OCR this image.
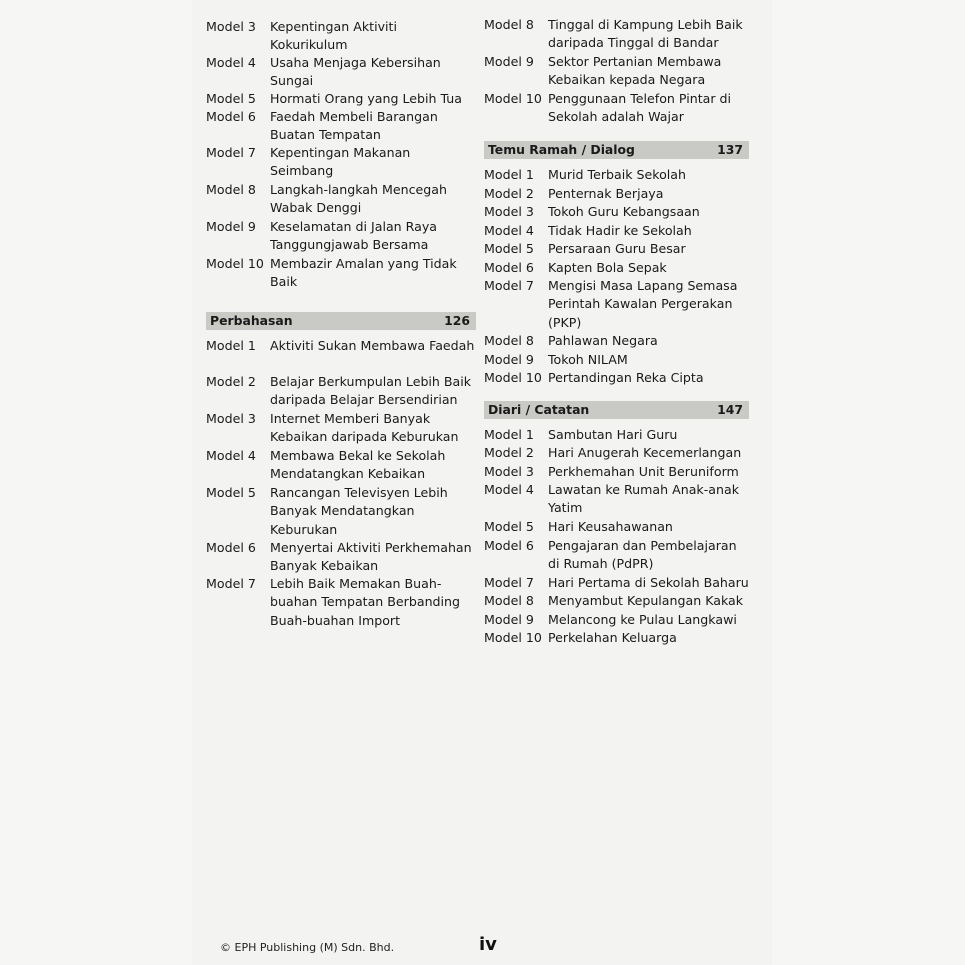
Model 3	Kepentingan Aktiviti Kokurikulum
Model 4	Usaha Menjaga Kebersihan Sungai
Model 5	Hormati Orang yang Lebih Tua
Model 6	Faedah Membeli Barangan Buatan Tempatan
Model 7	Kepentingan Makanan Seimbang
Model 8	Langkah-langkah Mencegah Wabak Denggi
Model 9	Keselamatan di Jalan Raya Tanggungjawab Bersama
Model 10 Membazir Amalan yang Tidak Baik
Perbahasan	126
Model 1	Aktiviti Sukan Membawa Faedah
Model 2	Belajar Berkumpulan Lebih Baik daripada Belajar Bersendirian
Model 3	Internet Memberi Banyak Kebaikan daripada Keburukan
Model 4	Membawa Bekal ke Sekolah Mendatangkan Kebaikan
Model 5	Rancangan Televisyen Lebih Banyak Mendatangkan Keburukan
Model 6	Menyertai Aktiviti Perkhemahan Banyak Kebaikan
Model 7	Lebih Baik Memakan Buah-buahan Tempatan Berbanding Buah-buahan Import
Model 8	Tinggal di Kampung Lebih Baik daripada Tinggal di Bandar
Model 9	Sektor Pertanian Membawa Kebaikan kepada Negara
Model 10 Penggunaan Telefon Pintar di Sekolah adalah Wajar
Temu Ramah / Dialog	137
Model 1	Murid Terbaik Sekolah
Model 2	Penternak Berjaya
Model 3	Tokoh Guru Kebangsaan
Model 4	Tidak Hadir ke Sekolah
Model 5	Persaraan Guru Besar
Model 6	Kapten Bola Sepak
Model 7	Mengisi Masa Lapang Semasa Perintah Kawalan Pergerakan (PKP)
Model 8	Pahlawan Negara
Model 9	Tokoh NILAM
Model 10 Pertandingan Reka Cipta
Diari / Catatan	147
Model 1	Sambutan Hari Guru
Model 2	Hari Anugerah Kecemerlangan
Model 3	Perkhemahan Unit Beruniform
Model 4	Lawatan ke Rumah Anak-anak Yatim
Model 5	Hari Keusahawanan
Model 6	Pengajaran dan Pembelajaran di Rumah (PdPR)
Model 7	Hari Pertama di Sekolah Baharu
Model 8	Menyambut Kepulangan Kakak
Model 9	Melancong ke Pulau Langkawi
Model 10 Perkelahan Keluarga
© EPH Publishing (M) Sdn. Bhd.	iv
